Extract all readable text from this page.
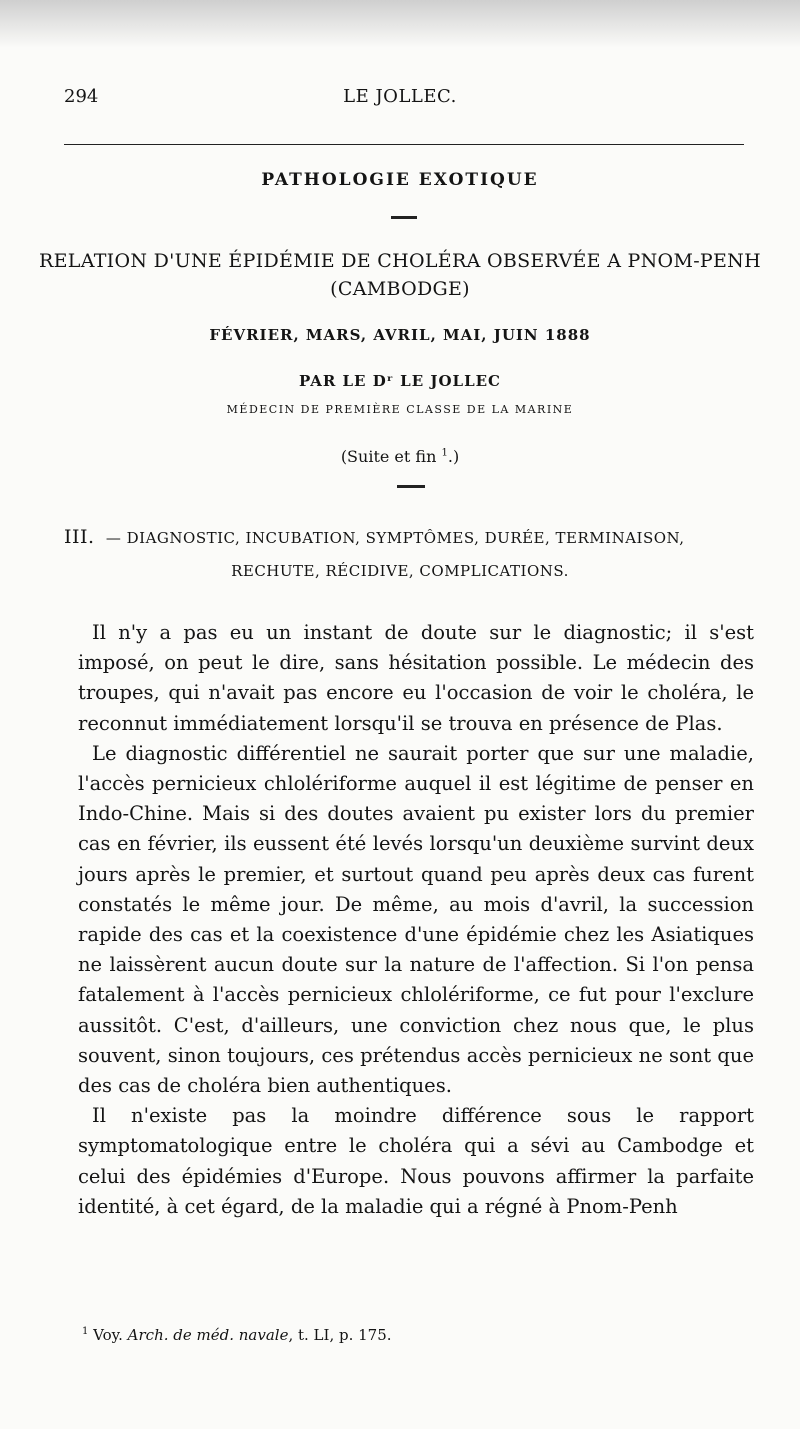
294	LE JOLLEC.
PATHOLOGIE EXOTIQUE
RELATION D'UNE ÉPIDÉMIE DE CHOLÉRA OBSERVÉE A PNOM-PENH
(CAMBODGE)
FÉVRIER, MARS, AVRIL, MAI, JUIN 1888
PAR LE Dʳ LE JOLLEC
MÉDECIN DE PREMIÈRE CLASSE DE LA MARINE
(Suite et fin $^1$.)
III. — DIAGNOSTIC, INCUBATION, SYMPTÔMES, DURÉE, TERMINAISON,
RECHUTE, RÉCIDIVE, COMPLICATIONS.

Il n'y a pas eu un instant de doute sur le diagnostic; il s'est imposé, on peut le dire, sans hésitation possible. Le médecin des troupes, qui n'avait pas encore eu l'occasion de voir le choléra, le reconnut immédiatement lorsqu'il se trouva en présence de Plas.

Le diagnostic différentiel ne saurait porter que sur une maladie, l'accès pernicieux chlolériforme auquel il est légitime de penser en Indo-Chine. Mais si des doutes avaient pu exister lors du premier cas en février, ils eussent été levés lorsqu'un deuxième survint deux jours après le premier, et surtout quand peu après deux cas furent constatés le même jour. De même, au mois d'avril, la succession rapide des cas et la coexistence d'une épidémie chez les Asiatiques ne laissèrent aucun doute sur la nature de l'affection. Si l'on pensa fatalement à l'accès pernicieux chlolériforme, ce fut pour l'exclure aussitôt. C'est, d'ailleurs, une conviction chez nous que, le plus souvent, sinon toujours, ces prétendus accès pernicieux ne sont que des cas de choléra bien authentiques.

Il n'existe pas la moindre différence sous le rapport symptomatologique entre le choléra qui a sévi au Cambodge et celui des épidémies d'Europe. Nous pouvons affirmer la parfaite identité, à cet égard, de la maladie qui a régné à Pnom-Penh

$^1$ Voy. Arch. de méd. navale, t. LI, p. 175.
